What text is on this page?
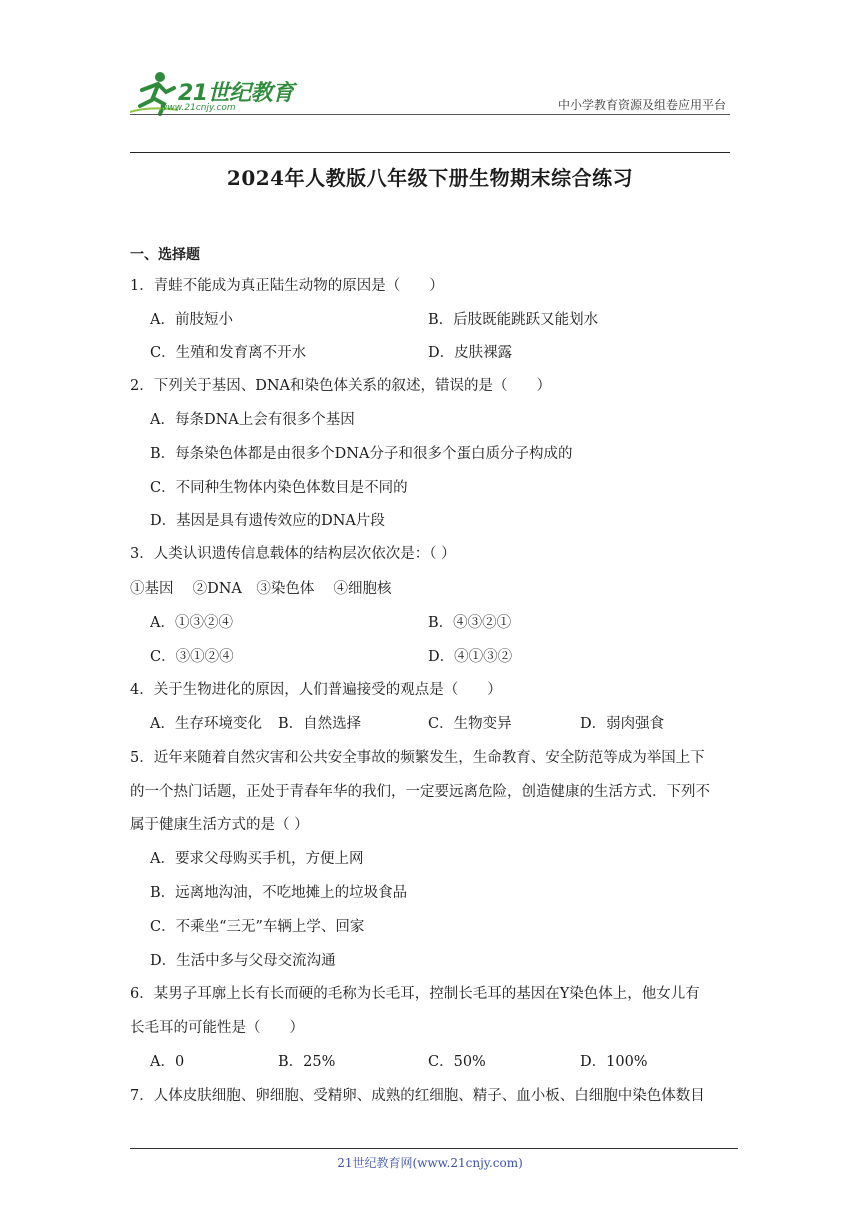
21世纪教育
www.21cnjy.com	中小学教育资源及组卷应用平台
2024年人教版八年级下册生物期末综合练习
一、选择题
1．青蛙不能成为真正陆生动物的原因是（　　）
A．前肢短小	B．后肢既能跳跃又能划水
C．生殖和发育离不开水	D．皮肤裸露
2．下列关于基因、DNA和染色体关系的叙述，错误的是（　　）
A．每条DNA上会有很多个基因
B．每条染色体都是由很多个DNA分子和很多个蛋白质分子构成的
C．不同种生物体内染色体数目是不同的
D．基因是具有遗传效应的DNA片段
3．人类认识遗传信息载体的结构层次依次是：（ ）
①基因　 ②DNA　③染色体　 ④细胞核
A．①③②④	B．④③②①
C．③①②④	D．④①③②
4．关于生物进化的原因，人们普遍接受的观点是（　　）
A．生存环境变化 B．自然选择	C．生物变异	D．弱肉强食
5．近年来随着自然灾害和公共安全事故的频繁发生，生命教育、安全防范等成为举国上下
的一个热门话题，正处于青春年华的我们，一定要远离危险，创造健康的生活方式．下列不
属于健康生活方式的是（ ）
A．要求父母购买手机，方便上网
B．远离地沟油，不吃地摊上的垃圾食品
C．不乘坐“三无”车辆上学、回家
D．生活中多与父母交流沟通
6．某男子耳廓上长有长而硬的毛称为长毛耳，控制长毛耳的基因在Y染色体上，他女儿有
长毛耳的可能性是（　　）
A．0	B．25%	C．50%	D．100%
7．人体皮肤细胞、卵细胞、受精卵、成熟的红细胞、精子、血小板、白细胞中染色体数目
21世纪教育网(www.21cnjy.com)
